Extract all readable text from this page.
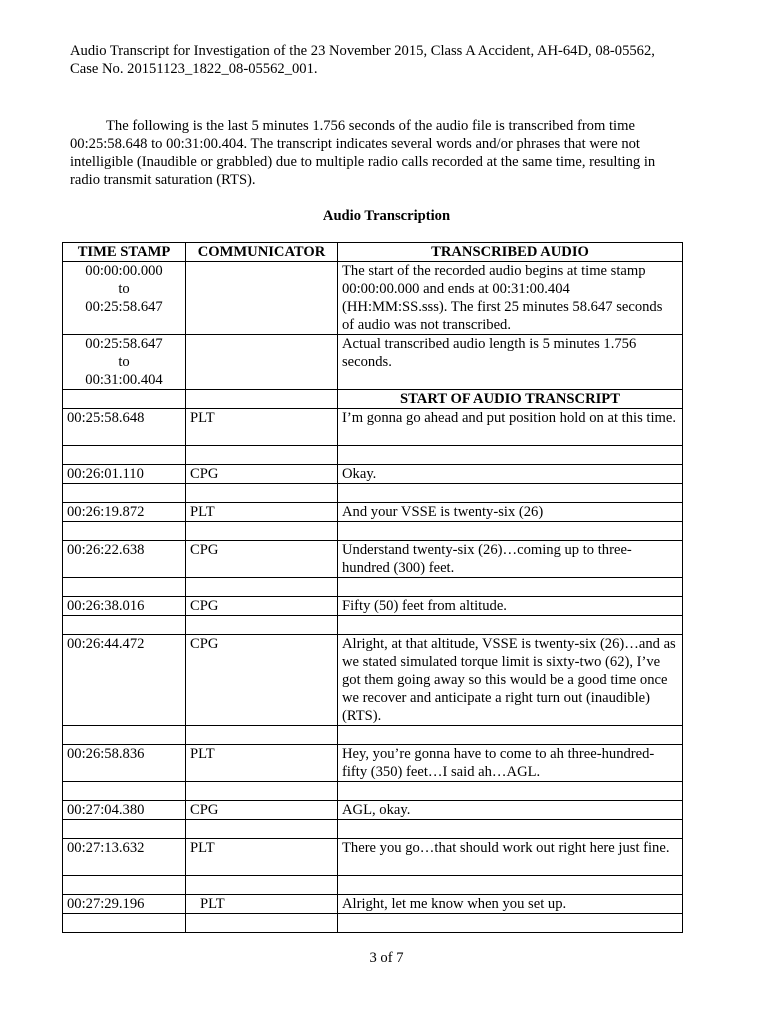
Audio Transcript for Investigation of the 23 November 2015, Class A Accident, AH-64D, 08-05562, Case No. 20151123_1822_08-05562_001.
The following is the last 5 minutes 1.756 seconds of the audio file is transcribed from time 00:25:58.648 to 00:31:00.404. The transcript indicates several words and/or phrases that were not intelligible (Inaudible or grabbled) due to multiple radio calls recorded at the same time, resulting in radio transmit saturation (RTS).
Audio Transcription
TIME STAMP	COMMUNICATOR	TRANSCRIBED AUDIO

00:00:00.000
to
00:25:58.647		The start of the recorded audio begins at time stamp 00:00:00.000 and ends at 00:31:00.404 (HH:MM:SS.sss). The first 25 minutes 58.647 seconds of audio was not transcribed.

00:25:58.647
to
00:31:00.404		Actual transcribed audio length is 5 minutes 1.756 seconds.

		START OF AUDIO TRANSCRIPT
00:25:58.648	PLT	I’m gonna go ahead and put position hold on at this time.

00:26:01.110	CPG	Okay.

00:26:19.872	PLT	And your VSSE is twenty-six (26)

00:26:22.638	CPG	Understand twenty-six (26)…coming up to three-hundred (300) feet.

00:26:38.016	CPG	Fifty (50) feet from altitude.

00:26:44.472	CPG	Alright, at that altitude, VSSE is twenty-six (26)…and as we stated simulated torque limit is sixty-two (62), I’ve got them going away so this would be a good time once we recover and anticipate a right turn out (inaudible)(RTS).

00:26:58.836	PLT	Hey, you’re gonna have to come to ah three-hundred-fifty (350) feet…I said ah…AGL.

00:27:04.380	CPG	AGL, okay.

00:27:13.632	PLT	There you go…that should work out right here just fine.

00:27:29.196	PLT	Alright, let me know when you set up.

3 of 7
